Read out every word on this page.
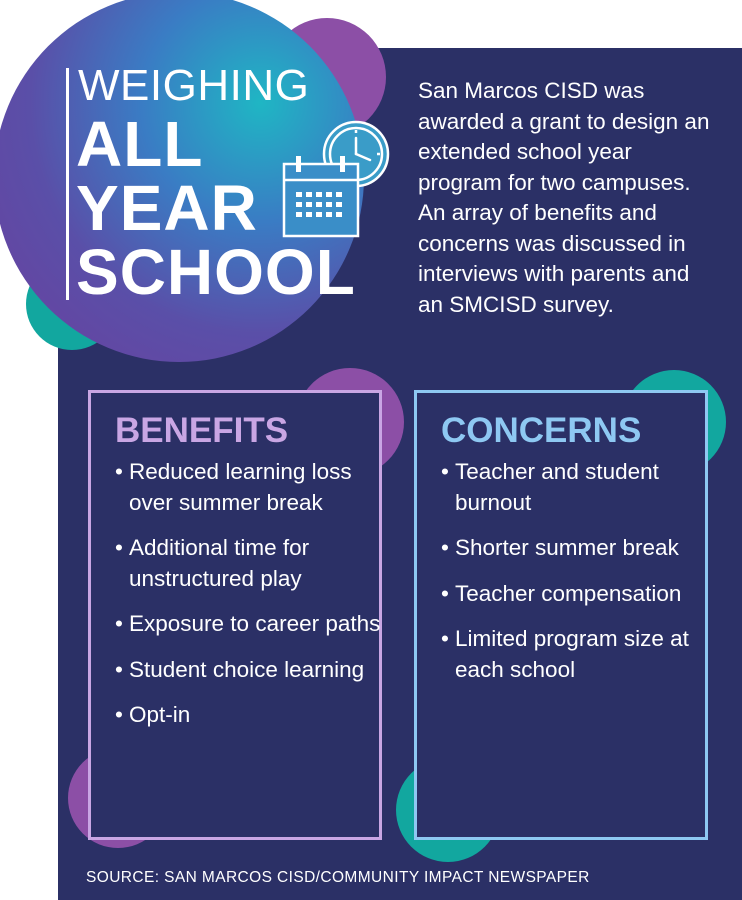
WEIGHING
ALL
YEAR
SCHOOL

San Marcos CISD was awarded a grant to design an extended school year program for two campuses. An array of benefits and concerns was discussed in interviews with parents and an SMCISD survey.

BENEFITS
• Reduced learning loss over summer break
• Additional time for unstructured play
• Exposure to career paths
• Student choice learning
• Opt-in
CONCERNS
• Teacher and student burnout
• Shorter summer break
• Teacher compensation
• Limited program size at each school
SOURCE: SAN MARCOS CISD/COMMUNITY IMPACT NEWSPAPER
